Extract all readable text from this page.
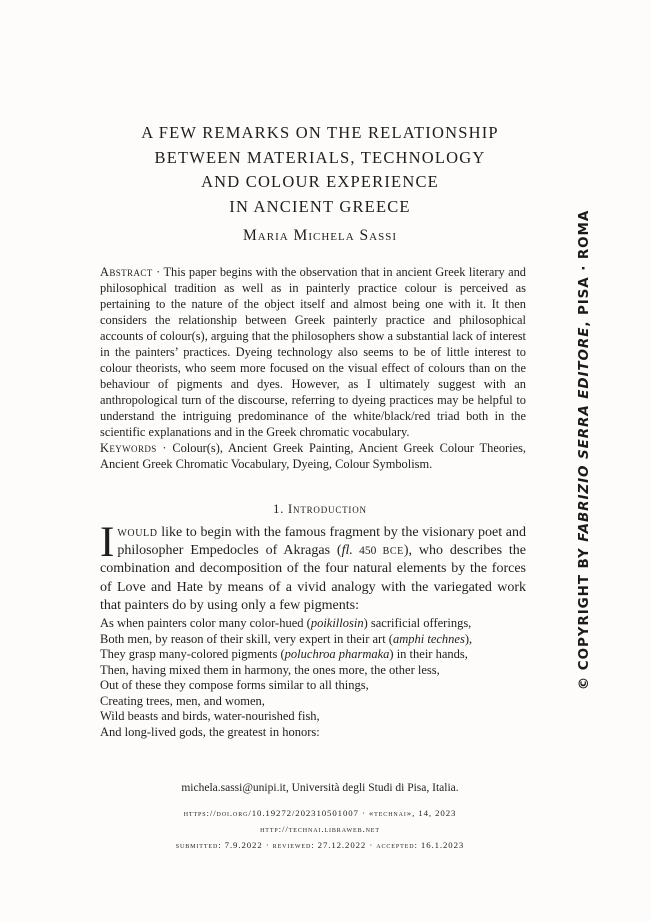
A FEW REMARKS ON THE RELATIONSHIP
BETWEEN MATERIALS, TECHNOLOGY
AND COLOUR EXPERIENCE
IN ANCIENT GREECE
Maria Michela Sassi

Abstract · This paper begins with the observation that in ancient Greek literary and philosophical tradition as well as in painterly practice colour is perceived as pertaining to the nature of the object itself and almost being one with it. It then considers the relationship between Greek painterly practice and philosophical accounts of colour(s), arguing that the philosophers show a substantial lack of interest in the painters’ practices. Dyeing technology also seems to be of little interest to colour theorists, who seem more focused on the visual effect of colours than on the behaviour of pigments and dyes. However, as I ultimately suggest with an anthropological turn of the discourse, referring to dyeing practices may be helpful to understand the intriguing predominance of the white/black/red triad both in the scientific explanations and in the Greek chromatic vocabulary.

Keywords · Colour(s), Ancient Greek Painting, Ancient Greek Colour Theories, Ancient Greek Chromatic Vocabulary, Dyeing, Colour Symbolism.

1. Introduction

Iwould like to begin with the famous fragment by the visionary poet and philosopher Empedocles of Akragas (fl. 450 bce), who describes the combination and decomposition of the four natural elements by the forces of Love and Hate by means of a vivid analogy with the variegated work that painters do by using only a few pigments:

As when painters color many color-hued (poikillosin) sacrificial offerings,
Both men, by reason of their skill, very expert in their art (amphi technes),
They grasp many-colored pigments (poluchroa pharmaka) in their hands,
Then, having mixed them in harmony, the ones more, the other less,
Out of these they compose forms similar to all things,
Creating trees, men, and women,
Wild beasts and birds, water-nourished fish,
And long-lived gods, the greatest in honors:
michela.sassi@unipi.it, Università degli Studi di Pisa, Italia.
https://doi.org/10.19272/202310501007 · «technai», 14, 2023
http://technai.libraweb.net
submitted: 7.9.2022 · reviewed: 27.12.2022 · accepted: 16.1.2023
© COPYRIGHT BY FABRIZIO SERRA EDITORE, PISA · ROMA
